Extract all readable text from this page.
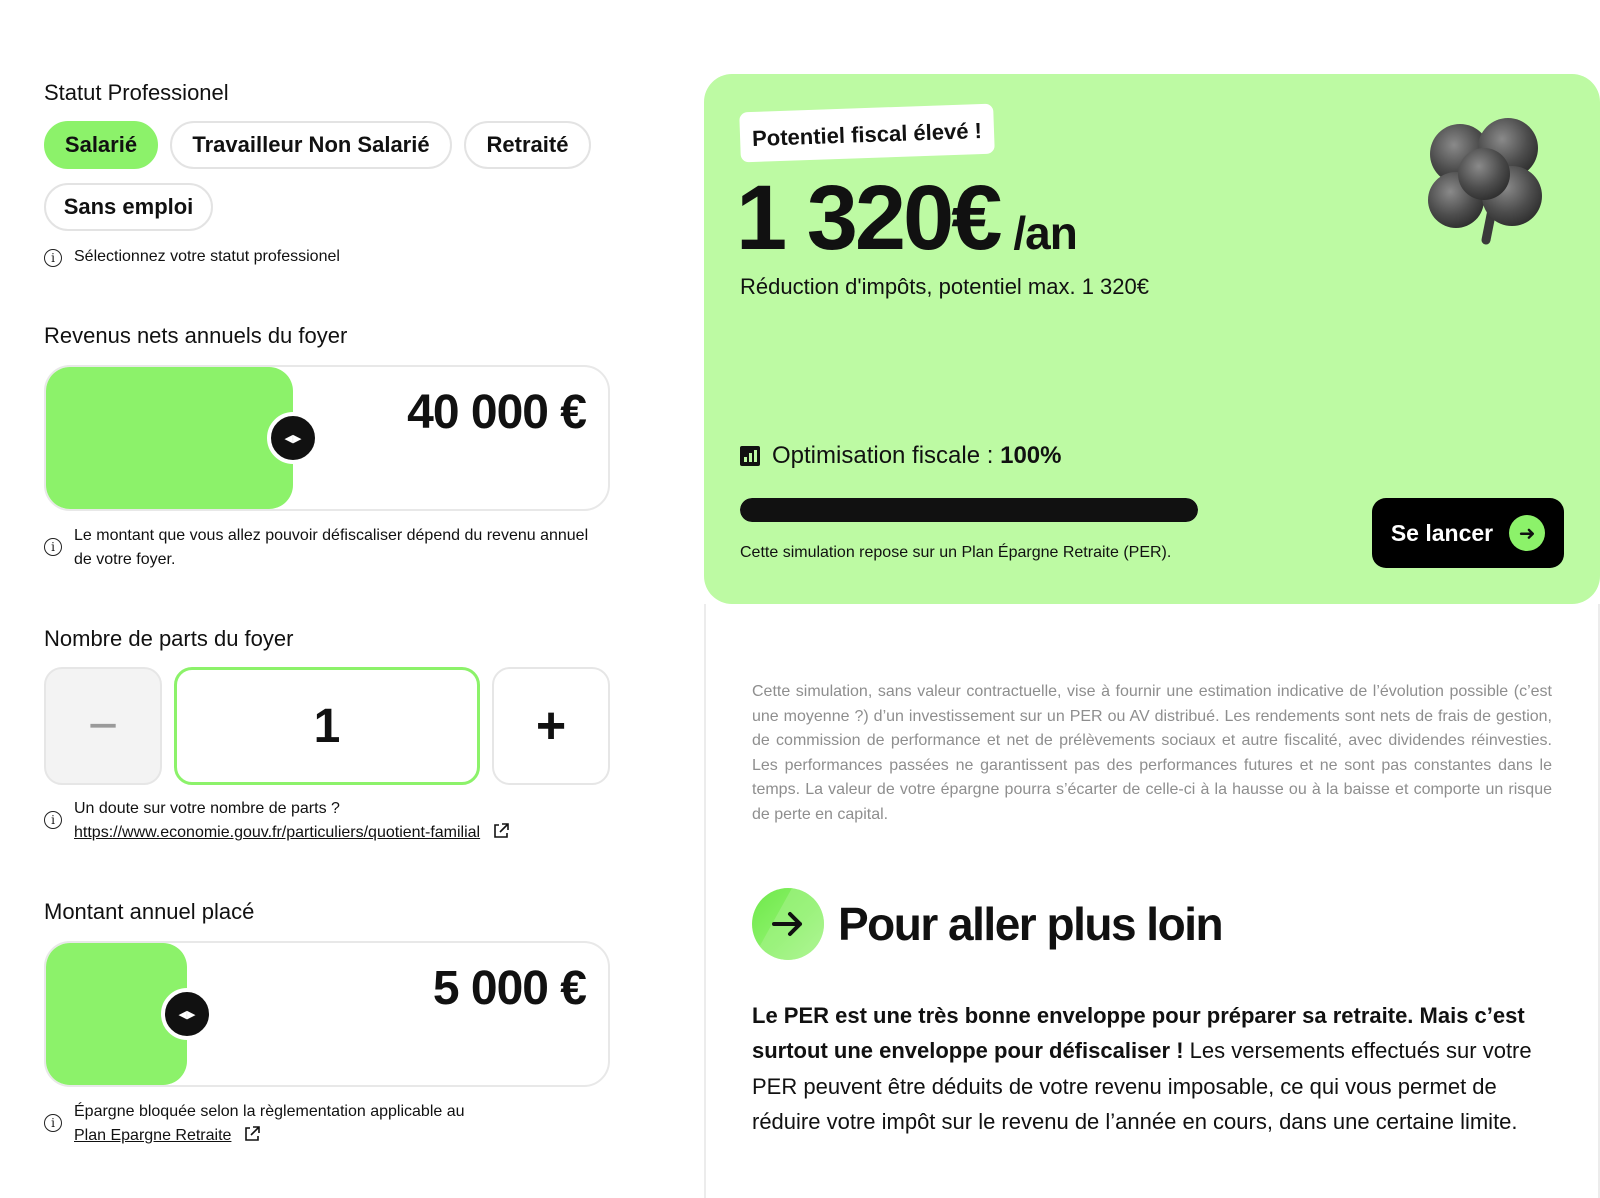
Statut Professionel
Salarié	Travailleur Non Salarié	Retraité
Sans emploi
i	Sélectionnez votre statut professionel
Revenus nets annuels du foyer
◀▶	40 000 €
i
Le montant que vous allez pouvoir défiscaliser dépend du revenu annuel de votre foyer.
Nombre de parts du foyer
−	1	+
i
Un doute sur votre nombre de parts ?
https://www.economie.gouv.fr/particuliers/quotient-familial
Montant annuel placé
◀▶	5 000 €
i
Épargne bloquée selon la règlementation applicable au
Plan Epargne Retraite
Potentiel fiscal élevé !
1 320€ /an
Réduction d'impôts, potentiel max. 1 320€
Optimisation fiscale : 100%
Cette simulation repose sur un Plan Épargne Retraite (PER).
Se lancer	➜
Cette simulation, sans valeur contractuelle, vise à fournir une estimation indicative de l’évolution possible (c’est une moyenne ?) d’un investissement sur un PER ou AV distribué. Les rendements sont nets de frais de gestion, de commission de performance et net de prélèvements sociaux et autre fiscalité, avec dividendes réinvesties. Les performances passées ne garantissent pas des performances futures et ne sont pas constantes dans le temps. La valeur de votre épargne pourra s’écarter de celle-ci à la hausse ou à la baisse et comporte un risque de perte en capital.
Pour aller plus loin
Le PER est une très bonne enveloppe pour préparer sa retraite. Mais c’est surtout une enveloppe pour défiscaliser ! Les versements effectués sur votre PER peuvent être déduits de votre revenu imposable, ce qui vous permet de réduire votre impôt sur le revenu de l’année en cours, dans une certaine limite.
